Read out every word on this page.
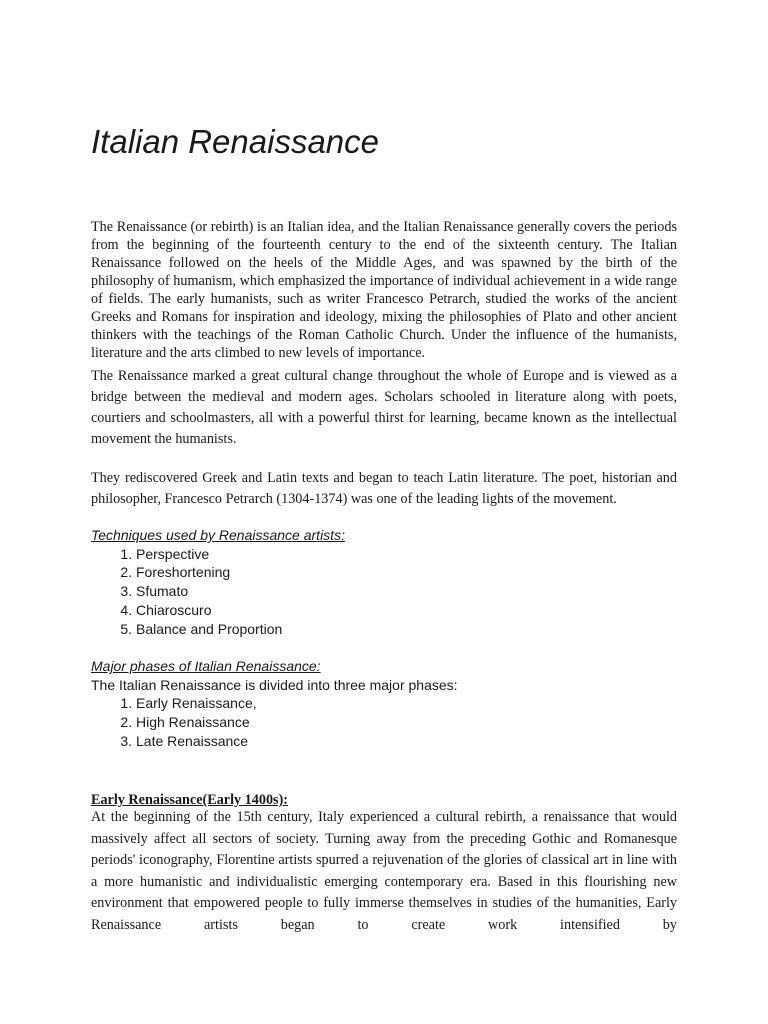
Italian Renaissance

The Renaissance (or rebirth) is an Italian idea, and the Italian Renaissance generally covers the periods from the beginning of the fourteenth century to the end of the sixteenth century. The Italian Renaissance followed on the heels of the Middle Ages, and was spawned by the birth of the philosophy of humanism, which emphasized the importance of individual achievement in a wide range of fields. The early humanists, such as writer Francesco Petrarch, studied the works of the ancient Greeks and Romans for inspiration and ideology, mixing the philosophies of Plato and other ancient thinkers with the teachings of the Roman Catholic Church. Under the influence of the humanists, literature and the arts climbed to new levels of importance.

The Renaissance marked a great cultural change throughout the whole of Europe and is viewed as a bridge between the medieval and modern ages. Scholars schooled in literature along with poets, courtiers and schoolmasters, all with a powerful thirst for learning, became known as the intellectual movement the humanists.

They rediscovered Greek and Latin texts and began to teach Latin literature. The poet, historian and philosopher, Francesco Petrarch (1304-1374) was one of the leading lights of the movement.

Techniques used by Renaissance artists:

1. Perspective
2. Foreshortening
3. Sfumato
4. Chiaroscuro
5. Balance and Proportion

Major phases of Italian Renaissance:

The Italian Renaissance is divided into three major phases:

1. Early Renaissance,
2. High Renaissance
3. Late Renaissance

Early Renaissance(Early 1400s):

At the beginning of the 15th century, Italy experienced a cultural rebirth, a renaissance that would massively affect all sectors of society. Turning away from the preceding Gothic and Romanesque periods' iconography, Florentine artists spurred a rejuvenation of the glories of classical art in line with a more humanistic and individualistic emerging contemporary era. Based in this flourishing new environment that empowered people to fully immerse themselves in studies of the humanities, Early Renaissance artists began to create work intensified by
